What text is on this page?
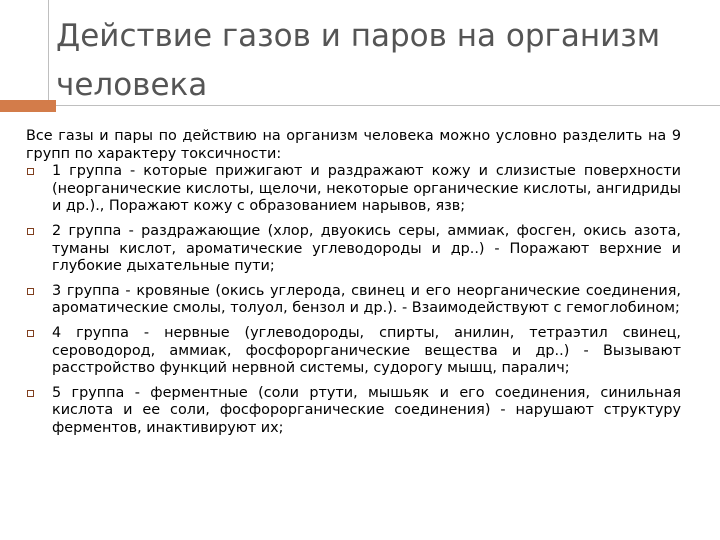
Действие газов и паров на организм человека

Все газы и пары по действию на организм человека можно условно разделить на 9 групп по характеру токсичности:

1 группа - которые прижигают и раздражают кожу и слизистые поверхности (неорганические кислоты, щелочи, некоторые органические кислоты, ангидриды и др.)., Поражают кожу с образованием нарывов, язв;
2 группа - раздражающие (хлор, двуокись серы, аммиак, фосген, окись азота, туманы кислот, ароматические углеводороды и др..) - Поражают верхние и глубокие дыхательные пути;
3 группа - кровяные (окись углерода, свинец и его неорганические соединения, ароматические смолы, толуол, бензол и др.). - Взаимодействуют с гемоглобином;
4 группа - нервные (углеводороды, спирты, анилин, тетраэтил свинец, сероводород, аммиак, фосфорорганические вещества и др..) - Вызывают расстройство функций нервной системы, судорогу мышц, паралич;
5 группа - ферментные (соли ртути, мышьяк и его соединения, синильная кислота и ее соли, фосфорорганические соединения) - нарушают структуру ферментов, инактивируют их;
